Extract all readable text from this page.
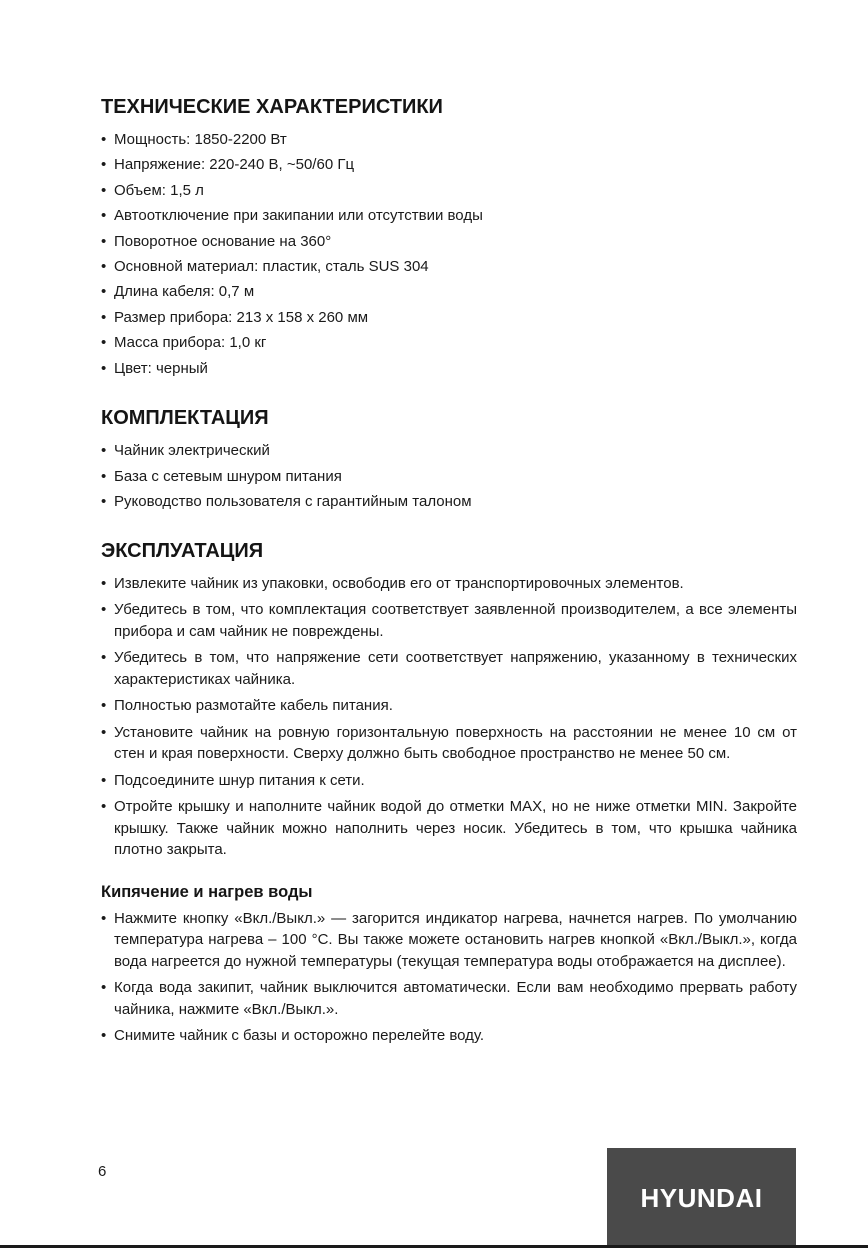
ТЕХНИЧЕСКИЕ ХАРАКТЕРИСТИКИ
• Мощность: 1850-2200 Вт
• Напряжение: 220-240 В, ~50/60 Гц
• Объем: 1,5 л
• Автоотключение при закипании или отсутствии воды
• Поворотное основание на 360°
• Основной материал: пластик, сталь SUS 304
• Длина кабеля: 0,7 м
• Размер прибора: 213 х 158 х 260 мм
• Масса прибора: 1,0 кг
• Цвет: черный
КОМПЛЕКТАЦИЯ
• Чайник электрический
• База с сетевым шнуром питания
• Руководство пользователя с гарантийным талоном
ЭКСПЛУАТАЦИЯ
• Извлеките чайник из упаковки, освободив его от транспортировочных элементов.
• Убедитесь в том, что комплектация соответствует заявленной производителем, а все элементы прибора и сам чайник не повреждены.
• Убедитесь в том, что напряжение сети соответствует напряжению, указанному в технических характеристиках чайника.
• Полностью размотайте кабель питания.
• Установите чайник на ровную горизонтальную поверхность на расстоянии не менее 10 см от стен и края поверхности. Сверху должно быть свободное пространство не менее 50 см.
• Подсоедините шнур питания к сети.
• Отройте крышку и наполните чайник водой до отметки MAX, но не ниже отметки MIN. Закройте крышку. Также чайник можно наполнить через носик. Убедитесь в том, что крышка чайника плотно закрыта.
Кипячение и нагрев воды
• Нажмите кнопку «Вкл./Выкл.» — загорится индикатор нагрева, начнется нагрев. По умолчанию температура нагрева – 100 °С. Вы также можете остановить нагрев кнопкой «Вкл./Выкл.», когда вода нагреется до нужной температуры (текущая температура воды отображается на дисплее).
• Когда вода закипит, чайник выключится автоматически. Если вам необходимо прервать работу чайника, нажмите «Вкл./Выкл.».
• Снимите чайник с базы и осторожно перелейте воду.
6
HYUNDAI
